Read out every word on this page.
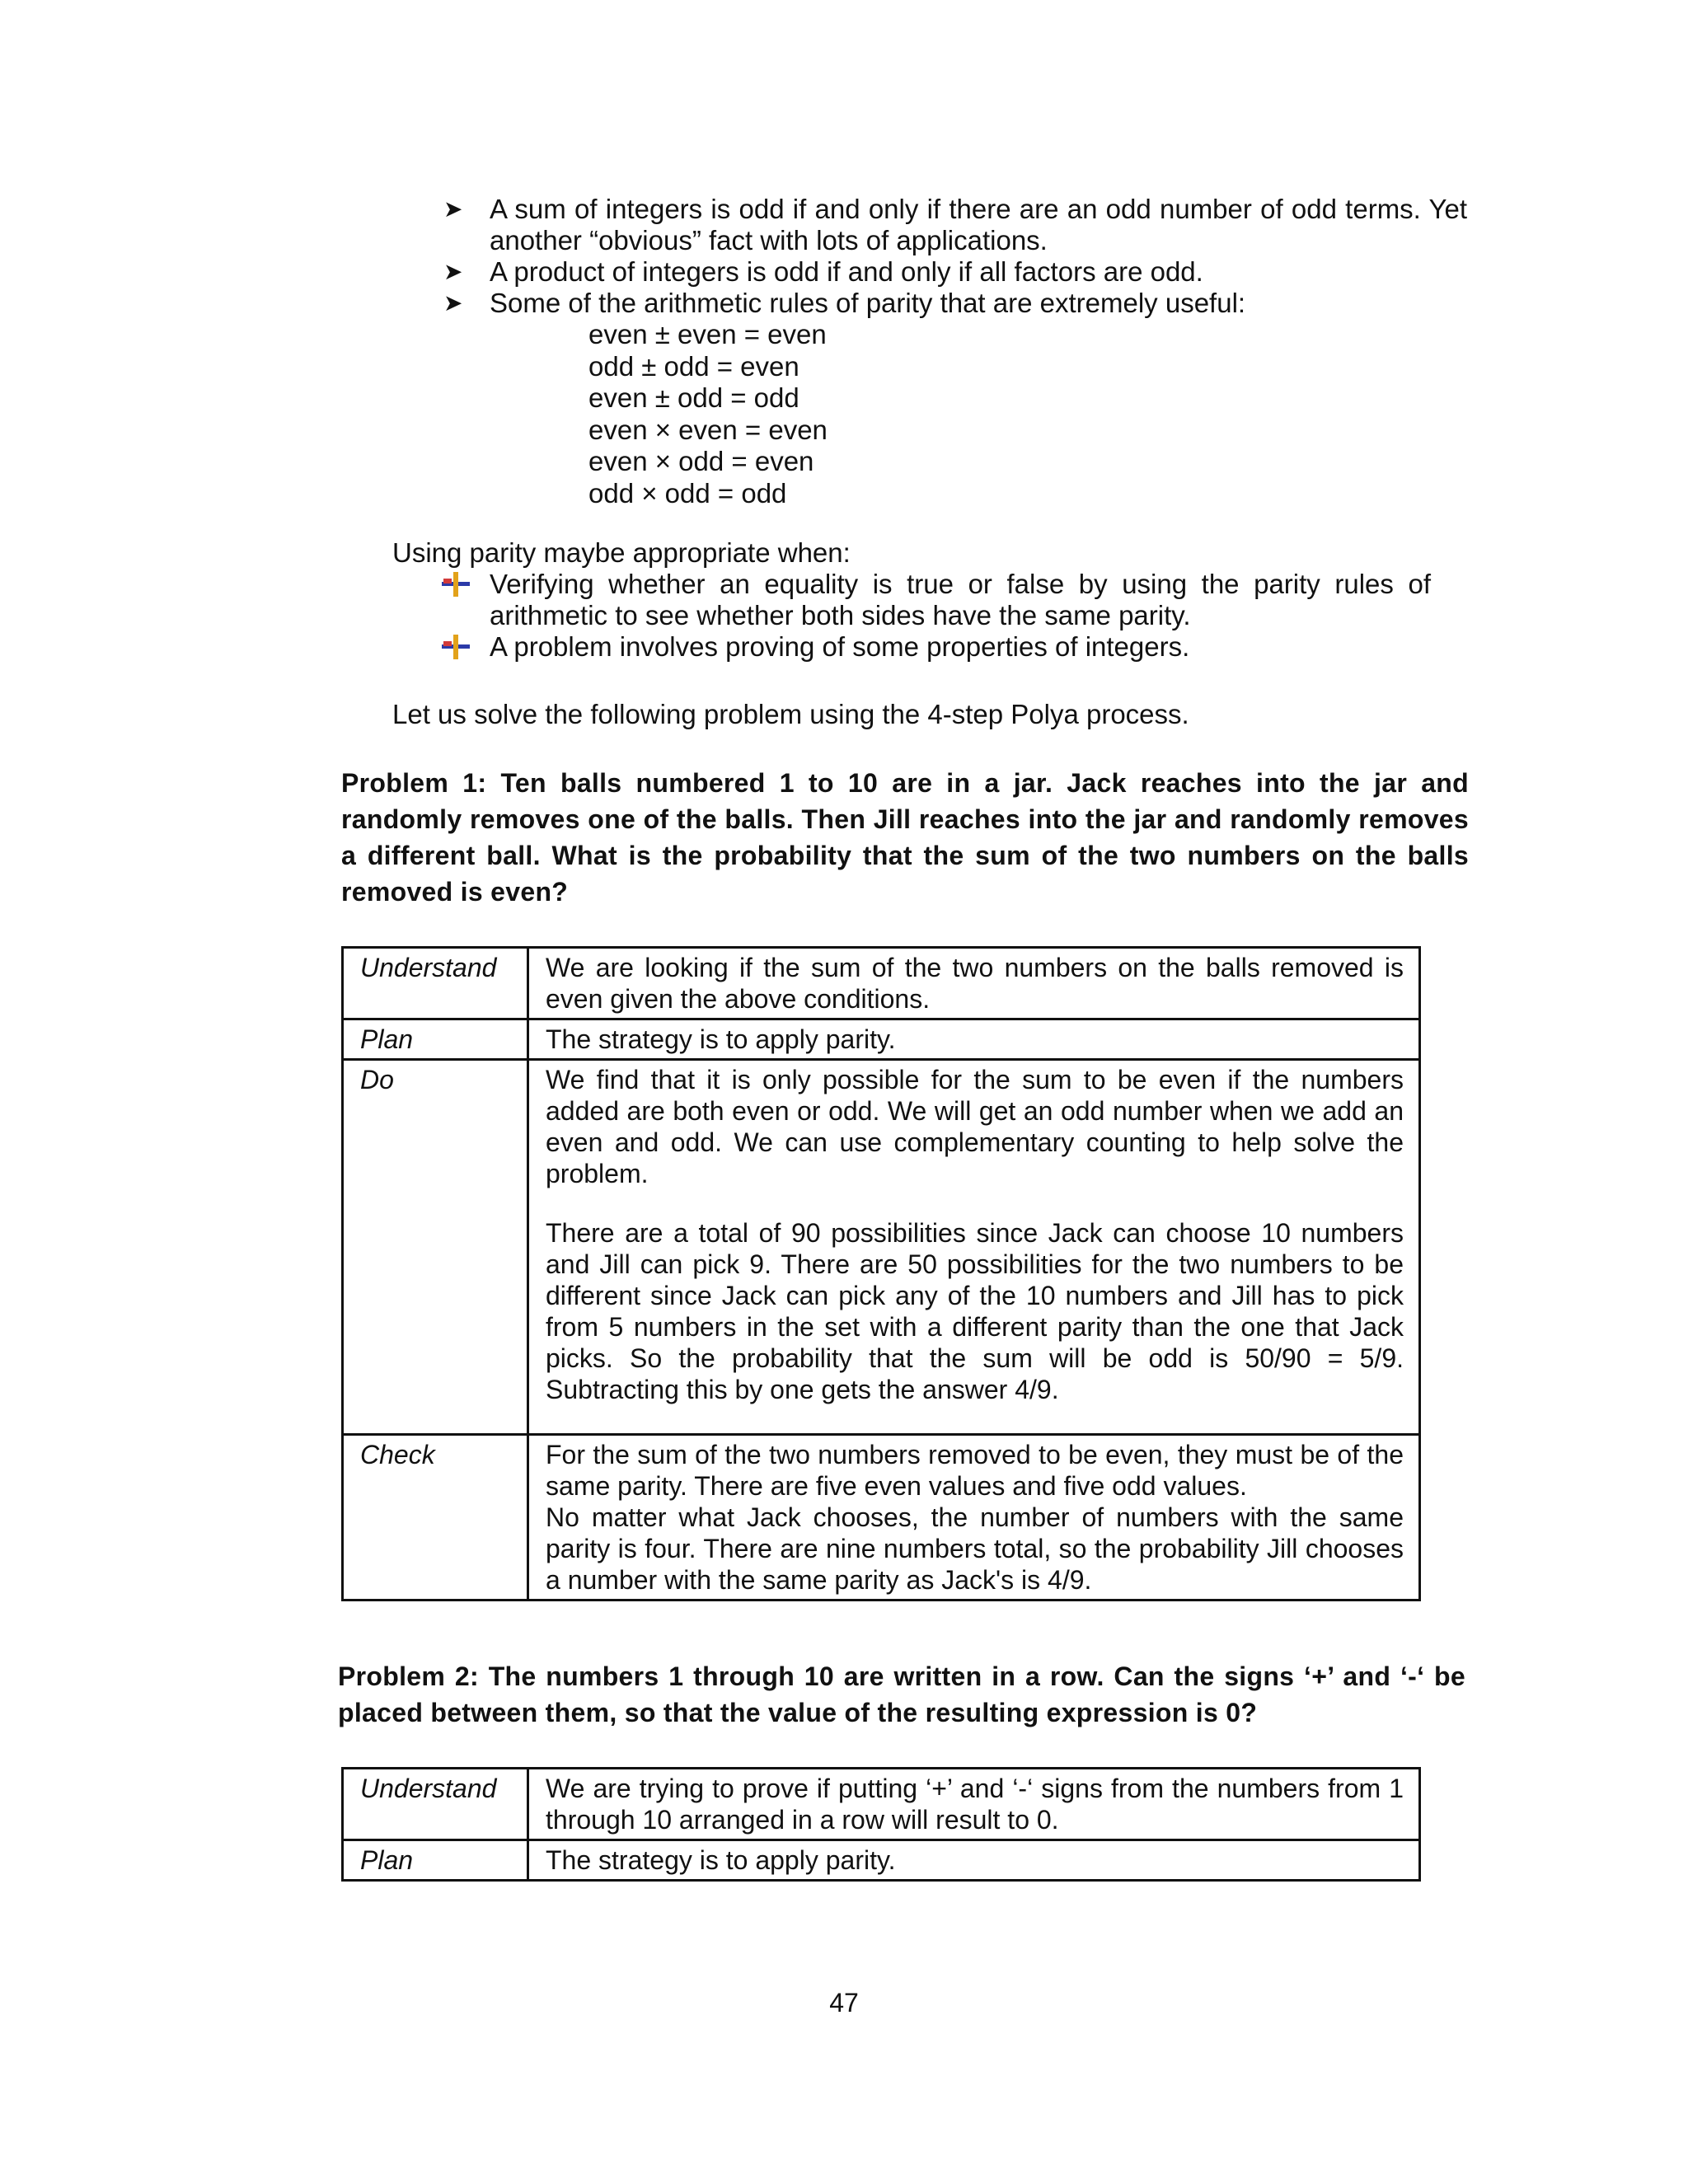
➤ A sum of integers is odd if and only if there are an odd number of odd terms. Yet another “obvious” fact with lots of applications.
➤ A product of integers is odd if and only if all factors are odd.
➤ Some of the arithmetic rules of parity that are extremely useful:
even ± even = even
odd ± odd = even
even ± odd = odd
even × even = even
even × odd = even
odd × odd = odd
Using parity maybe appropriate when:
Verifying whether an equality is true or false by using the parity rules of arithmetic to see whether both sides have the same parity.
A problem involves proving of some properties of integers.
Let us solve the following problem using the 4-step Polya process.
Problem 1: Ten balls numbered 1 to 10 are in a jar. Jack reaches into the jar and randomly removes one of the balls. Then Jill reaches into the jar and randomly removes a different ball. What is the probability that the sum of the two numbers on the balls removed is even?
Understand	We are looking if the sum of the two numbers on the balls removed is even given the above conditions.

Plan	The strategy is to apply parity.

Do	We find that it is only possible for the sum to be even if the numbers added are both even or odd. We will get an odd number when we add an even and odd. We can use complementary counting to help solve the problem.
There are a total of 90 possibilities since Jack can choose 10 numbers and Jill can pick 9. There are 50 possibilities for the two numbers to be different since Jack can pick any of the 10 numbers and Jill has to pick from 5 numbers in the set with a different parity than the one that Jack picks. So the probability that the sum will be odd is 50/90 = 5/9. Subtracting this by one gets the answer 4/9.

Check	For the sum of the two numbers removed to be even, they must be of the same parity. There are five even values and five odd values.
No matter what Jack chooses, the number of numbers with the same parity is four. There are nine numbers total, so the probability Jill chooses a number with the same parity as Jack's is 4/9.
Problem 2: The numbers 1 through 10 are written in a row. Can the signs ‘+’ and ‘-‘ be placed between them, so that the value of the resulting expression is 0?
Understand	We are trying to prove if putting ‘+’ and ‘-‘ signs from the numbers from 1 through 10 arranged in a row will result to 0.

Plan	The strategy is to apply parity.
47
